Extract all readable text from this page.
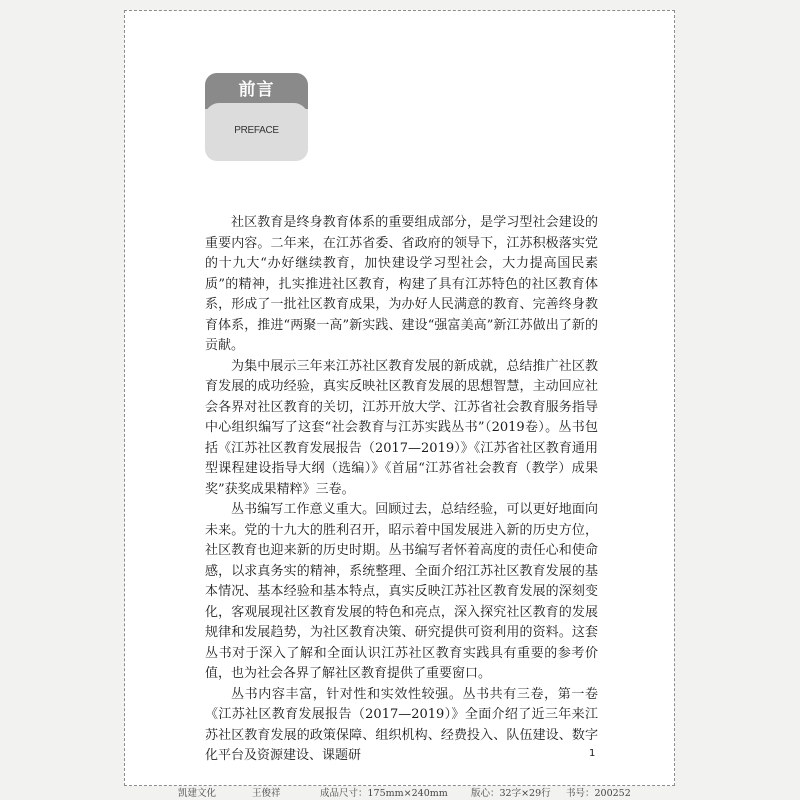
前言
PREFACE

社区教育是终身教育体系的重要组成部分，是学习型社会建设的重要内容。二年来，在江苏省委、省政府的领导下，江苏积极落实党的十九大“办好继续教育，加快建设学习型社会，大力提高国民素质”的精神，扎实推进社区教育，构建了具有江苏特色的社区教育体系，形成了一批社区教育成果，为办好人民满意的教育、完善终身教育体系，推进“两聚一高”新实践、建设“强富美高”新江苏做出了新的贡献。

为集中展示三年来江苏社区教育发展的新成就，总结推广社区教育发展的成功经验，真实反映社区教育发展的思想智慧，主动回应社会各界对社区教育的关切，江苏开放大学、江苏省社会教育服务指导中心组织编写了这套“社会教育与江苏实践丛书”（2019卷）。丛书包括《江苏社区教育发展报告（2017—2019）》《江苏省社区教育通用型课程建设指导大纲（选编）》《首届“江苏省社会教育（教学）成果奖”获奖成果精粹》三卷。

丛书编写工作意义重大。回顾过去，总结经验，可以更好地面向未来。党的十九大的胜利召开，昭示着中国发展进入新的历史方位，社区教育也迎来新的历史时期。丛书编写者怀着高度的责任心和使命感，以求真务实的精神，系统整理、全面介绍江苏社区教育发展的基本情况、基本经验和基本特点，真实反映江苏社区教育发展的深刻变化，客观展现社区教育发展的特色和亮点，深入探究社区教育的发展规律和发展趋势，为社区教育决策、研究提供可资利用的资料。这套丛书对于深入了解和全面认识江苏社区教育实践具有重要的参考价值，也为社会各界了解社区教育提供了重要窗口。

丛书内容丰富，针对性和实效性较强。丛书共有三卷，第一卷《江苏社区教育发展报告（2017—2019）》全面介绍了近三年来江苏社区教育发展的政策保障、组织机构、经费投入、队伍建设、数字化平台及资源建设、课题研	1
凯建文化	王俊祥	成品尺寸：175mm×240mm 版心：32字×29行 书号：200252
